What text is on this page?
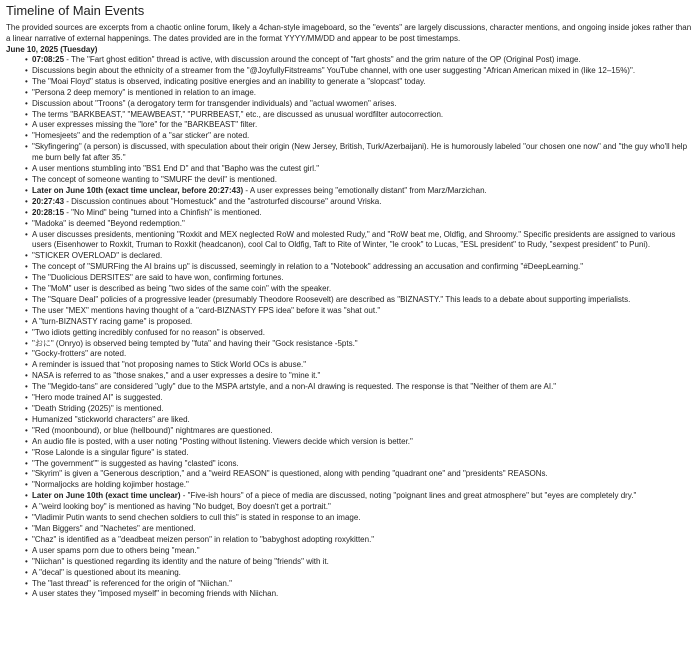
Timeline of Main Events

The provided sources are excerpts from a chaotic online forum, likely a 4chan-style imageboard, so the "events" are largely discussions, character mentions, and ongoing inside jokes rather than a linear narrative of external happenings. The dates provided are in the format YYYY/MM/DD and appear to be post timestamps.

June 10, 2025 (Tuesday)
• 07:08:25 - The "Fart ghost edition" thread is active, with discussion around the concept of "fart ghosts" and the grim nature of the OP (Original Post) image.
• Discussions begin about the ethnicity of a streamer from the "@JoyfullyFitstreams" YouTube channel, with one user suggesting "African American mixed in (like 12–15%)".
• The "Moai Floyd" status is observed, indicating positive energies and an inability to generate a "slopcast" today.
• "Persona 2 deep memory" is mentioned in relation to an image.
• Discussion about "Troons" (a derogatory term for transgender individuals) and "actual wwomen" arises.
• The terms "BARKBEAST," "MEAWBEAST," "PURRBEAST," etc., are discussed as unusual wordfilter autocorrection.
• A user expresses missing the "lore" for the "BARKBEAST" filter.
• "Homesjeets" and the redemption of a "sar sticker" are noted.
• "Skyfingering" (a person) is discussed, with speculation about their origin (New Jersey, British, Turk/Azerbaijani). He is humorously labeled "our chosen one now" and "the guy who'll help me burn belly fat after 35."
• A user mentions stumbling into "BS1 End D" and that "Bapho was the cutest girl."
• The concept of someone wanting to "SMURF the devil" is mentioned.
• Later on June 10th (exact time unclear, before 20:27:43) - A user expresses being "emotionally distant" from Marz/Marzichan.
• 20:27:43 - Discussion continues about "Homestuck" and the "astroturfed discourse" around Vriska.
• 20:28:15 - "No Mind" being "turned into a Chinfish" is mentioned.
• "Madoka" is deemed "Beyond redemption."
• A user discusses presidents, mentioning "Roxkit and MEX neglected RoW and molested Rudy," and "RoW beat me, Oldfig, and Shroomy." Specific presidents are assigned to various users (Eisenhower to Roxkit, Truman to Roxkit (headcanon), cool Cal to Oldfig, Taft to Rite of Winter, "le crook" to Lucas, "ESL president" to Rudy, "sexpest president" to Puni).
• "STICKER OVERLOAD" is declared.
• The concept of "SMURFing the AI brains up" is discussed, seemingly in relation to a "Notebook" addressing an accusation and confirming "#DeepLearning."
• The "Duolicious DERSITES" are said to have won, confirming fortunes.
• The "MoM" user is described as being "two sides of the same coin" with the speaker.
• The "Square Deal" policies of a progressive leader (presumably Theodore Roosevelt) are described as "BIZNASTY." This leads to a debate about supporting imperialists.
• The user "MEX" mentions having thought of a "card-BIZNASTY FPS idea" before it was "shat out."
• A "turn-BIZNASTY racing game" is proposed.
• "Two idiots getting incredibly confused for no reason" is observed.
• "おに" (Onryo) is observed being tempted by "futa" and having their "Gock resistance -5pts."
• "Gocky-frotters" are noted.
• A reminder is issued that "not proposing names to Stick World OCs is abuse."
• NASA is referred to as "those snakes," and a user expresses a desire to "mine it."
• The "Megido-tans" are considered "ugly" due to the MSPA artstyle, and a non-AI drawing is requested. The response is that "Neither of them are AI."
• "Hero mode trained AI" is suggested.
• "Death Striding (2025)" is mentioned.
• Humanized "stickworld characters" are liked.
• "Red (moonbound), or blue (hellbound)" nightmares are questioned.
• An audio file is posted, with a user noting "Posting without listening. Viewers decide which version is better."
• "Rose Lalonde is a singular figure" is stated.
• "The government"" is suggested as having "clasted" icons.
• "Skyrim" is given a "Generous description," and a "weird REASON" is questioned, along with pending "quadrant one" and "presidents" REASONs.
• "Normaljocks are holding kojimber hostage."
• Later on June 10th (exact time unclear) - "Five-ish hours" of a piece of media are discussed, noting "poignant lines and great atmosphere" but "eyes are completely dry."
• A "weird looking boy" is mentioned as having "No budget, Boy doesn't get a portrait."
• "Vladimir Putin wants to send chechen soldiers to cull this" is stated in response to an image.
• "Man Biggers" and "Nachetes" are mentioned.
• "Chaz" is identified as a "deadbeat meizen person" in relation to "babyghost adopting roxykitten."
• A user spams porn due to others being "mean."
• "Niichan" is questioned regarding its identity and the nature of being "friends" with it.
• A "decal" is questioned about its meaning.
• The "last thread" is referenced for the origin of "Niichan."
• A user states they "imposed myself" in becoming friends with Niichan.
